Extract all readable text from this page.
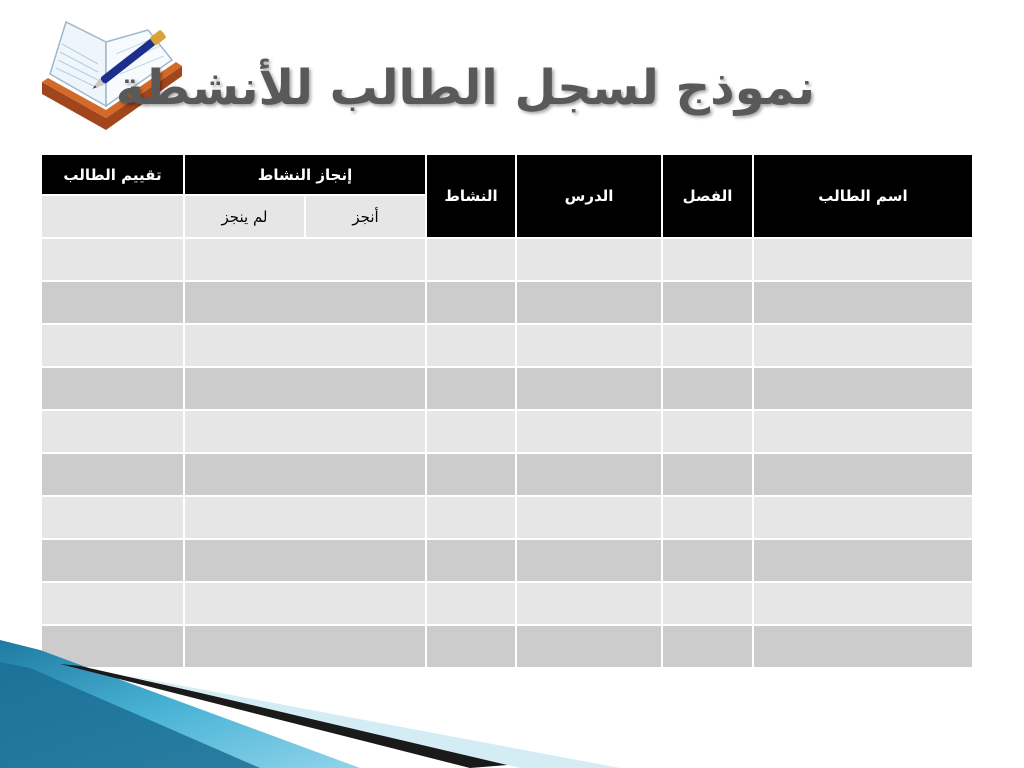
نموذج لسجل الطالب للأنشطة
اسم الطالب	الفصل	الدرس	النشاط	إنجاز النشاط		تقييم الطالب
				أنجز	لم ينجز	
